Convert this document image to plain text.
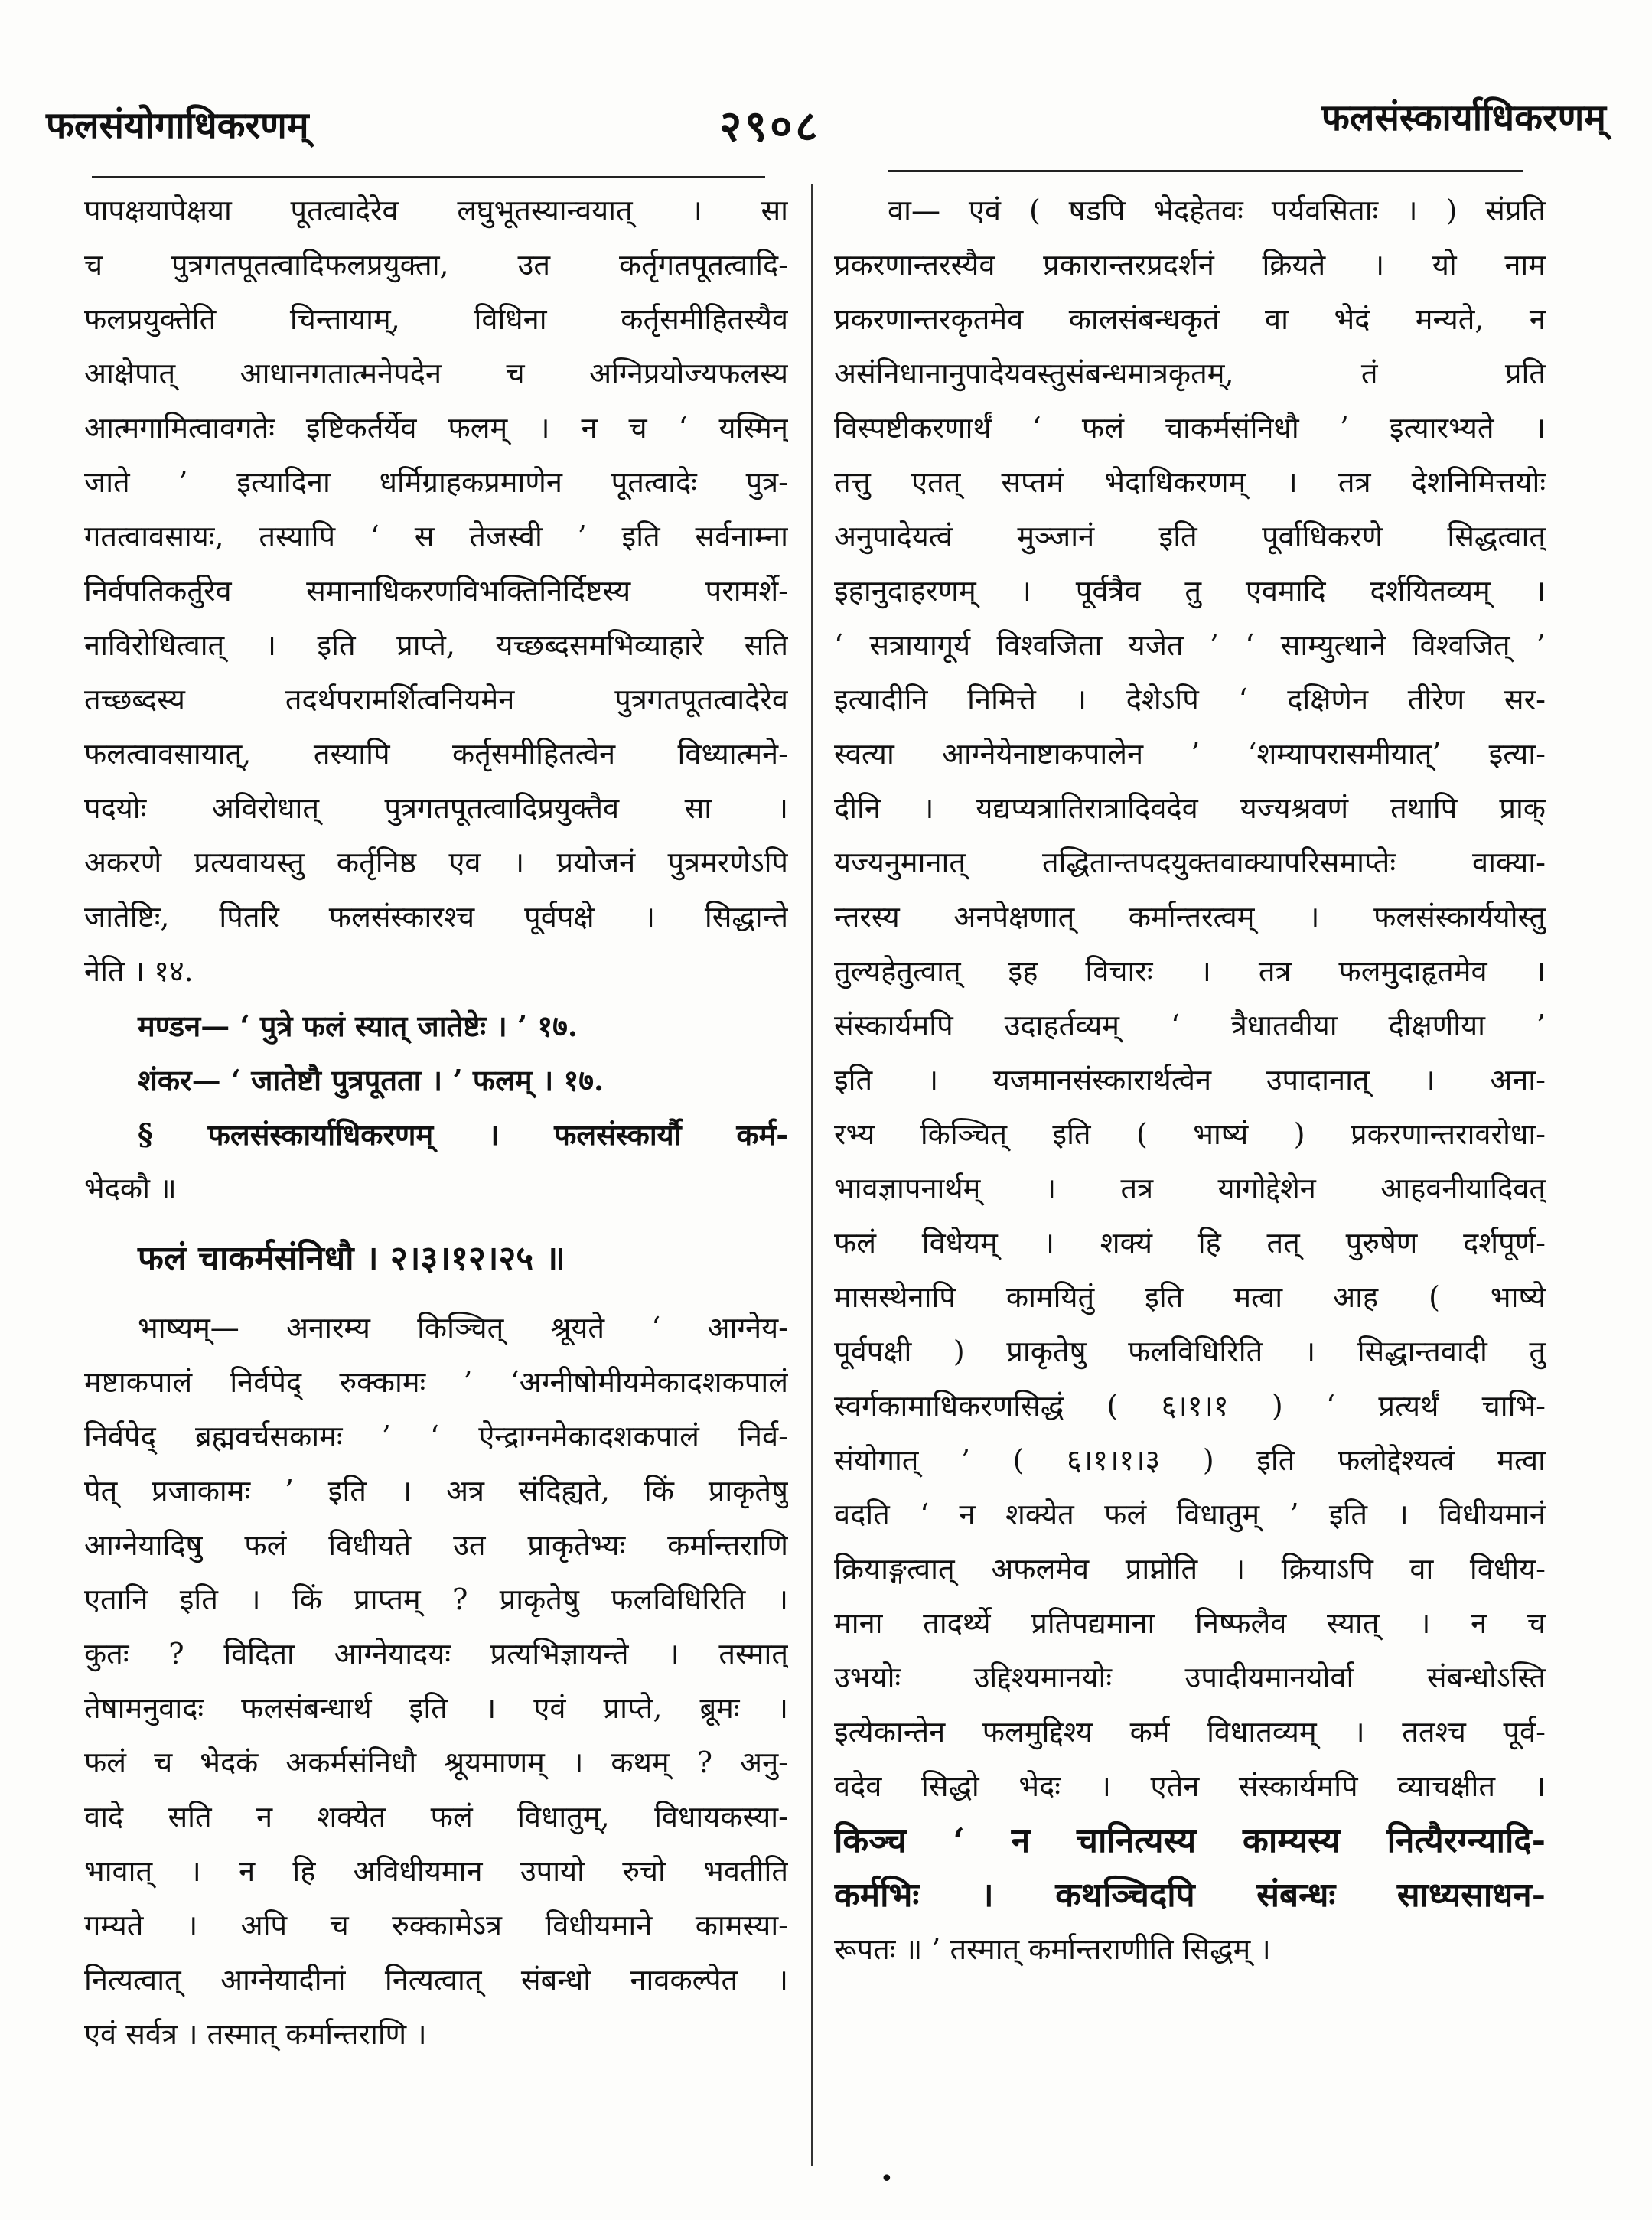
फलसंयोगाधिकरणम्	२९०८	फलसंस्कार्याधिकरणम्
पापक्षयापेक्षया पूतत्वादेरेव लघुभूतस्यान्वयात् । सा
च पुत्रगतपूतत्वादिफलप्रयुक्ता, उत कर्तृगतपूतत्वादि-
फलप्रयुक्तेति चिन्तायाम्, विधिना कर्तृसमीहितस्यैव
आक्षेपात् आधानगतात्मनेपदेन च अग्निप्रयोज्यफलस्य
आत्मगामित्वावगतेः इष्टिकर्तर्येव फलम् । न च ‘ यस्मिन्
जाते ’ इत्यादिना धर्मिग्राहकप्रमाणेन पूतत्वादेः पुत्र-
गतत्वावसायः, तस्यापि ‘ स तेजस्वी ’ इति सर्वनाम्ना
निर्वपतिकर्तुरेव समानाधिकरणविभक्तिनिर्दिष्टस्य परामर्शे-
नाविरोधित्वात् । इति प्राप्ते, यच्छब्दसमभिव्याहारे सति
तच्छब्दस्य तदर्थपरामर्शित्वनियमेन पुत्रगतपूतत्वादेरेव
फलत्वावसायात्, तस्यापि कर्तृसमीहितत्वेन विध्यात्मने-
पदयोः अविरोधात् पुत्रगतपूतत्वादिप्रयुक्तैव सा ।
अकरणे प्रत्यवायस्तु कर्तृनिष्ठ एव । प्रयोजनं पुत्रमरणेऽपि
जातेष्टिः, पितरि फलसंस्कारश्च पूर्वपक्षे । सिद्धान्ते
नेति । १४.
मण्डन— ‘ पुत्रे फलं स्यात् जातेष्टेः । ’ १७.
शंकर— ‘ जातेष्टौ पुत्रपूतता । ’ फलम् । १७.
§ फलसंस्कार्याधिकरणम् । फलसंस्कार्यौ कर्म-
भेदकौ ॥
फलं चाकर्मसंनिधौ । २।३।१२।२५ ॥
भाष्यम्— अनारम्य किञ्चित् श्रूयते ‘ आग्नेय-
मष्टाकपालं निर्वपेद् रुक्कामः ’ ‘अग्नीषोमीयमेकादशकपालं
निर्वपेद् ब्रह्मवर्चसकामः ’ ‘ ऐन्द्राग्नमेकादशकपालं निर्व-
पेत् प्रजाकामः ’ इति । अत्र संदिह्यते, किं प्राकृतेषु
आग्नेयादिषु फलं विधीयते उत प्राकृतेभ्यः कर्मान्तराणि
एतानि इति । किं प्राप्तम् ? प्राकृतेषु फलविधिरिति ।
कुतः ? विदिता आग्नेयादयः प्रत्यभिज्ञायन्ते । तस्मात्
तेषामनुवादः फलसंबन्धार्थ इति । एवं प्राप्ते, ब्रूमः ।
फलं च भेदकं अकर्मसंनिधौ श्रूयमाणम् । कथम् ? अनु-
वादे सति न शक्येत फलं विधातुम्, विधायकस्या-
भावात् । न हि अविधीयमान उपायो रुचो भवतीति
गम्यते । अपि च रुक्कामेऽत्र विधीयमाने कामस्या-
नित्यत्वात् आग्नेयादीनां नित्यत्वात् संबन्धो नावकल्पेत ।
एवं सर्वत्र । तस्मात् कर्मान्तराणि ।
वा— एवं ( षडपि भेदहेतवः पर्यवसिताः । ) संप्रति
प्रकरणान्तरस्यैव प्रकारान्तरप्रदर्शनं क्रियते । यो नाम
प्रकरणान्तरकृतमेव कालसंबन्धकृतं वा भेदं मन्यते, न
असंनिधानानुपादेयवस्तुसंबन्धमात्रकृतम्, तं प्रति
विस्पष्टीकरणार्थं ‘ फलं चाकर्मसंनिधौ ’ इत्यारभ्यते ।
तत्तु एतत् सप्तमं भेदाधिकरणम् । तत्र देशनिमित्तयोः
अनुपादेयत्वं मुञ्जानं इति पूर्वाधिकरणे सिद्धत्वात्
इहानुदाहरणम् । पूर्वत्रैव तु एवमादि दर्शयितव्यम् ।
‘ सत्रायागूर्य विश्वजिता यजेत ’ ‘ साम्युत्थाने विश्वजित् ’
इत्यादीनि निमित्ते । देशेऽपि ‘ दक्षिणेन तीरेण सर-
स्वत्या आग्नेयेनाष्टाकपालेन ’ ‘शम्यापरासमीयात्’ इत्या-
दीनि । यद्यप्यत्रातिरात्रादिवदेव यज्यश्रवणं तथापि प्राक्
यज्यनुमानात् तद्धितान्तपदयुक्तवाक्यापरिसमाप्तेः वाक्या-
न्तरस्य अनपेक्षणात् कर्मान्तरत्वम् । फलसंस्कार्ययोस्तु
तुल्यहेतुत्वात् इह विचारः । तत्र फलमुदाहृतमेव ।
संस्कार्यमपि उदाहर्तव्यम् ‘ त्रैधातवीया दीक्षणीया ’
इति । यजमानसंस्कारार्थत्वेन उपादानात् । अना-
रभ्य किञ्चित् इति ( भाष्यं ) प्रकरणान्तरावरोधा-
भावज्ञापनार्थम् । तत्र यागोद्देशेन आहवनीयादिवत्
फलं विधेयम् । शक्यं हि तत् पुरुषेण दर्शपूर्ण-
मासस्थेनापि कामयितुं इति मत्वा आह ( भाष्ये
पूर्वपक्षी ) प्राकृतेषु फलविधिरिति । सिद्धान्तवादी तु
स्वर्गकामाधिकरणसिद्धं ( ६।१।१ ) ‘ प्रत्यर्थं चाभि-
संयोगात् ’ ( ६।१।१।३ ) इति फलोद्देश्यत्वं मत्वा
वदति ‘ न शक्येत फलं विधातुम् ’ इति । विधीयमानं
क्रियाङ्गत्वात् अफलमेव प्राप्नोति । क्रियाऽपि वा विधीय-
माना तादर्थ्ये प्रतिपद्यमाना निष्फलैव स्यात् । न च
उभयोः उद्दिश्यमानयोः उपादीयमानयोर्वा संबन्धोऽस्ति
इत्येकान्तेन फलमुद्दिश्य कर्म विधातव्यम् । ततश्च पूर्व-
वदेव सिद्धो भेदः । एतेन संस्कार्यमपि व्याचक्षीत ।
किञ्च ‘ न चानित्यस्य काम्यस्य नित्यैरग्न्यादि-
कर्मभिः । कथञ्चिदपि संबन्धः साध्यसाधन-
रूपतः ॥ ’ तस्मात् कर्मान्तराणीति सिद्धम् ।
•
